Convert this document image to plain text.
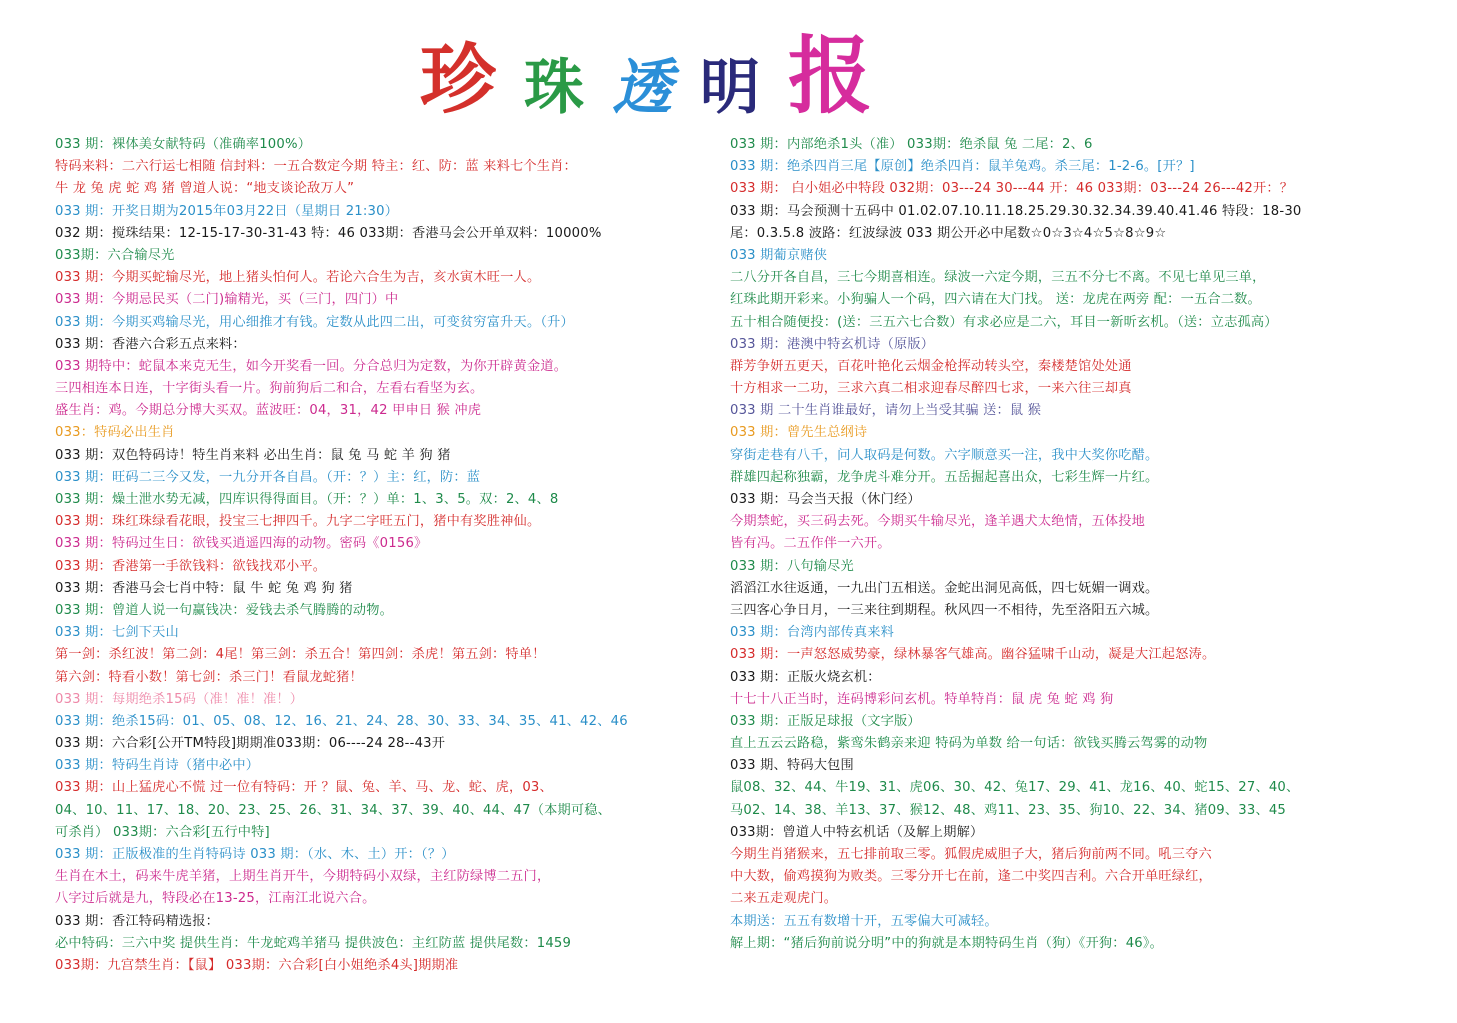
珍 珠 透 明 报
033 期：裸体美女献特码（准确率100%）
特码来料：二六行运七相随 信封料：一五合数定今期 特主：红、防：蓝 来料七个生肖：
牛 龙 兔 虎 蛇 鸡 猪 曾道人说：“地支谈论敌万人”
033 期：开奖日期为2015年03月22日（星期日 21:30）
032 期：搅珠结果：12-15-17-30-31-43 特：46 033期：香港马会公开单双料：10000%
033期：六合输尽光
033 期：今期买蛇输尽光，地上猪头怕何人。若论六合生为吉，亥水寅木旺一人。
033 期：今期忌民买（二门)输精光，买（三门，四门）中
033 期：今期买鸡输尽光，用心细推才有钱。定数从此四二出，可变贫穷富升天。（升）
033 期：香港六合彩五点来料：
033 期特中：蛇鼠本来克无生，如今开奖看一回。分合总归为定数，为你开辟黄金道。
三四相连本日连，十字街头看一片。狗前狗后二和合，左看右看坚为玄。
盛生肖：鸡。今期总分博大买双。蓝波旺：04，31，42 甲申日 猴 冲虎
033：特码必出生肖
033 期：双色特码诗！特生肖来料 必出生肖：鼠 兔 马 蛇 羊 狗 猪
033 期：旺码二三今又发，一九分开各自昌。（开：？）主：红，防：蓝
033 期：燥土泄水势无减，四库识得得面目。（开：？）单：1、3、5。双：2、4、8
033 期：珠红珠绿看花眼，投宝三七押四千。九字二字旺五门，猪中有奖胜神仙。
033 期：特码过生日：欲钱买逍遥四海的动物。密码《0156》
033 期：香港第一手欲钱料：欲钱找邓小平。
033 期：香港马会七肖中特：鼠 牛 蛇 兔 鸡 狗 猪
033 期：曾道人说一句赢钱决：爱钱去杀气腾腾的动物。
033 期：七剑下天山
第一剑：杀红波！第二剑：4尾！第三剑：杀五合！第四剑：杀虎！第五剑：特单！
第六剑：特看小数！第七剑：杀三门！看鼠龙蛇猪！
033 期：每期绝杀15码（准！准！准！）
033 期：绝杀15码：01、05、08、12、16、21、24、28、30、33、34、35、41、42、46
033 期：六合彩[公开TM特段]期期准033期：06----24 28--43开
033 期：特码生肖诗（猪中必中）
033 期：山上猛虎心不慌 过一位有特码：开 ？鼠、兔、羊、马、龙、蛇、虎，03、
04、10、11、17、18、20、23、25、26、31、34、37、39、40、44、47（本期可稳、
可杀肖） 033期：六合彩[五行中特]
033 期：正版极准的生肖特码诗 033 期：（水、木、土）开：（？）
生肖在木土，码来牛虎羊猪，上期生肖开牛，今期特码小双绿，主红防绿博二五门，
八字过后就是九，特段必在13-25，江南江北说六合。
033 期：香江特码精选报：
必中特码：三六中奖 提供生肖：牛龙蛇鸡羊猪马 提供波色：主红防蓝 提供尾数：1459
033期：九宫禁生肖：【鼠】 033期：六合彩[白小姐绝杀4头]期期准
033 期：内部绝杀1头（准） 033期：绝杀鼠 兔 二尾：2、6
033 期：绝杀四肖三尾【原创】绝杀四肖：鼠羊兔鸡。杀三尾：1-2-6。[开？]
033 期： 白小姐必中特段 032期：03---24 30---44 开：46 033期：03---24 26---42开：？
033 期：马会预测十五码中 01.02.07.10.11.18.25.29.30.32.34.39.40.41.46 特段：18-30
尾：0.3.5.8 波路：红波绿波 033 期公开必中尾数☆0☆3☆4☆5☆8☆9☆
033 期葡京赌侠
二八分开各自昌，三七今期喜相连。绿波一六定今期，三五不分七不离。不见七单见三单，
红珠此期开彩来。小狗骗人一个码，四六请在大门找。 送：龙虎在两旁 配：一五合二数。
五十相合随便投：(送：三五六七合数）有求必应是二六，耳目一新昕玄机。（送：立志孤高）
033 期：港澳中特玄机诗（原版）
群芳争妍五更天，百花叶艳化云烟金枪挥动转头空，秦楼楚馆处处通
十方相求一二功，三求六真二相求迎春尽醉四七求，一来六往三却真
033 期 二十生肖谁最好，请勿上当受其骗 送：鼠 猴
033 期：曾先生总纲诗
穿街走巷有八千，问人取码是何数。六字顺意买一注，我中大奖你吃醋。
群雄四起称独霸，龙争虎斗难分开。五岳掘起喜出众，七彩生辉一片红。
033 期：马会当天报（休门经）
今期禁蛇，买三码去死。今期买牛输尽光，逢羊遇犬太绝情，五体投地
皆有冯。二五作伴一六开。
033 期：八句输尽光
滔滔江水往返通，一九出门五相送。金蛇出洞见高低，四七妩媚一调戏。
三四客心争日月，一三来往到期程。秋风四一不相待，先至洛阳五六城。
033 期：台湾内部传真来料
033 期：一声怒怒威势豪，绿林暴客气雄高。幽谷猛啸千山动，凝是大江起怒涛。
033 期：正版火烧玄机：
十七十八正当时，连码博彩问玄机。特单特肖：鼠 虎 兔 蛇 鸡 狗
033 期：正版足球报（文字版）
直上五云云路稳，紫鸾朱鹤亲来迎 特码为单数 给一句话：欲钱买腾云驾雾的动物
033 期、特码大包围
鼠08、32、44、牛19、31、虎06、30、42、兔17、29、41、龙16、40、蛇15、27、40、
马02、14、38、羊13、37、猴12、48、鸡11、23、35、狗10、22、34、猪09、33、45
033期：曾道人中特玄机话（及解上期解）
今期生肖猪猴来，五七排前取三零。狐假虎威胆子大，猪后狗前两不同。吼三夺六
中大数，偷鸡摸狗为败类。三零分开七在前，逢二中奖四吉利。六合开单旺绿红，
二来五走观虎门。
本期送：五五有数增十开，五零偏大可减轻。
解上期：“猪后狗前说分明”中的狗就是本期特码生肖（狗）《开狗：46》。
